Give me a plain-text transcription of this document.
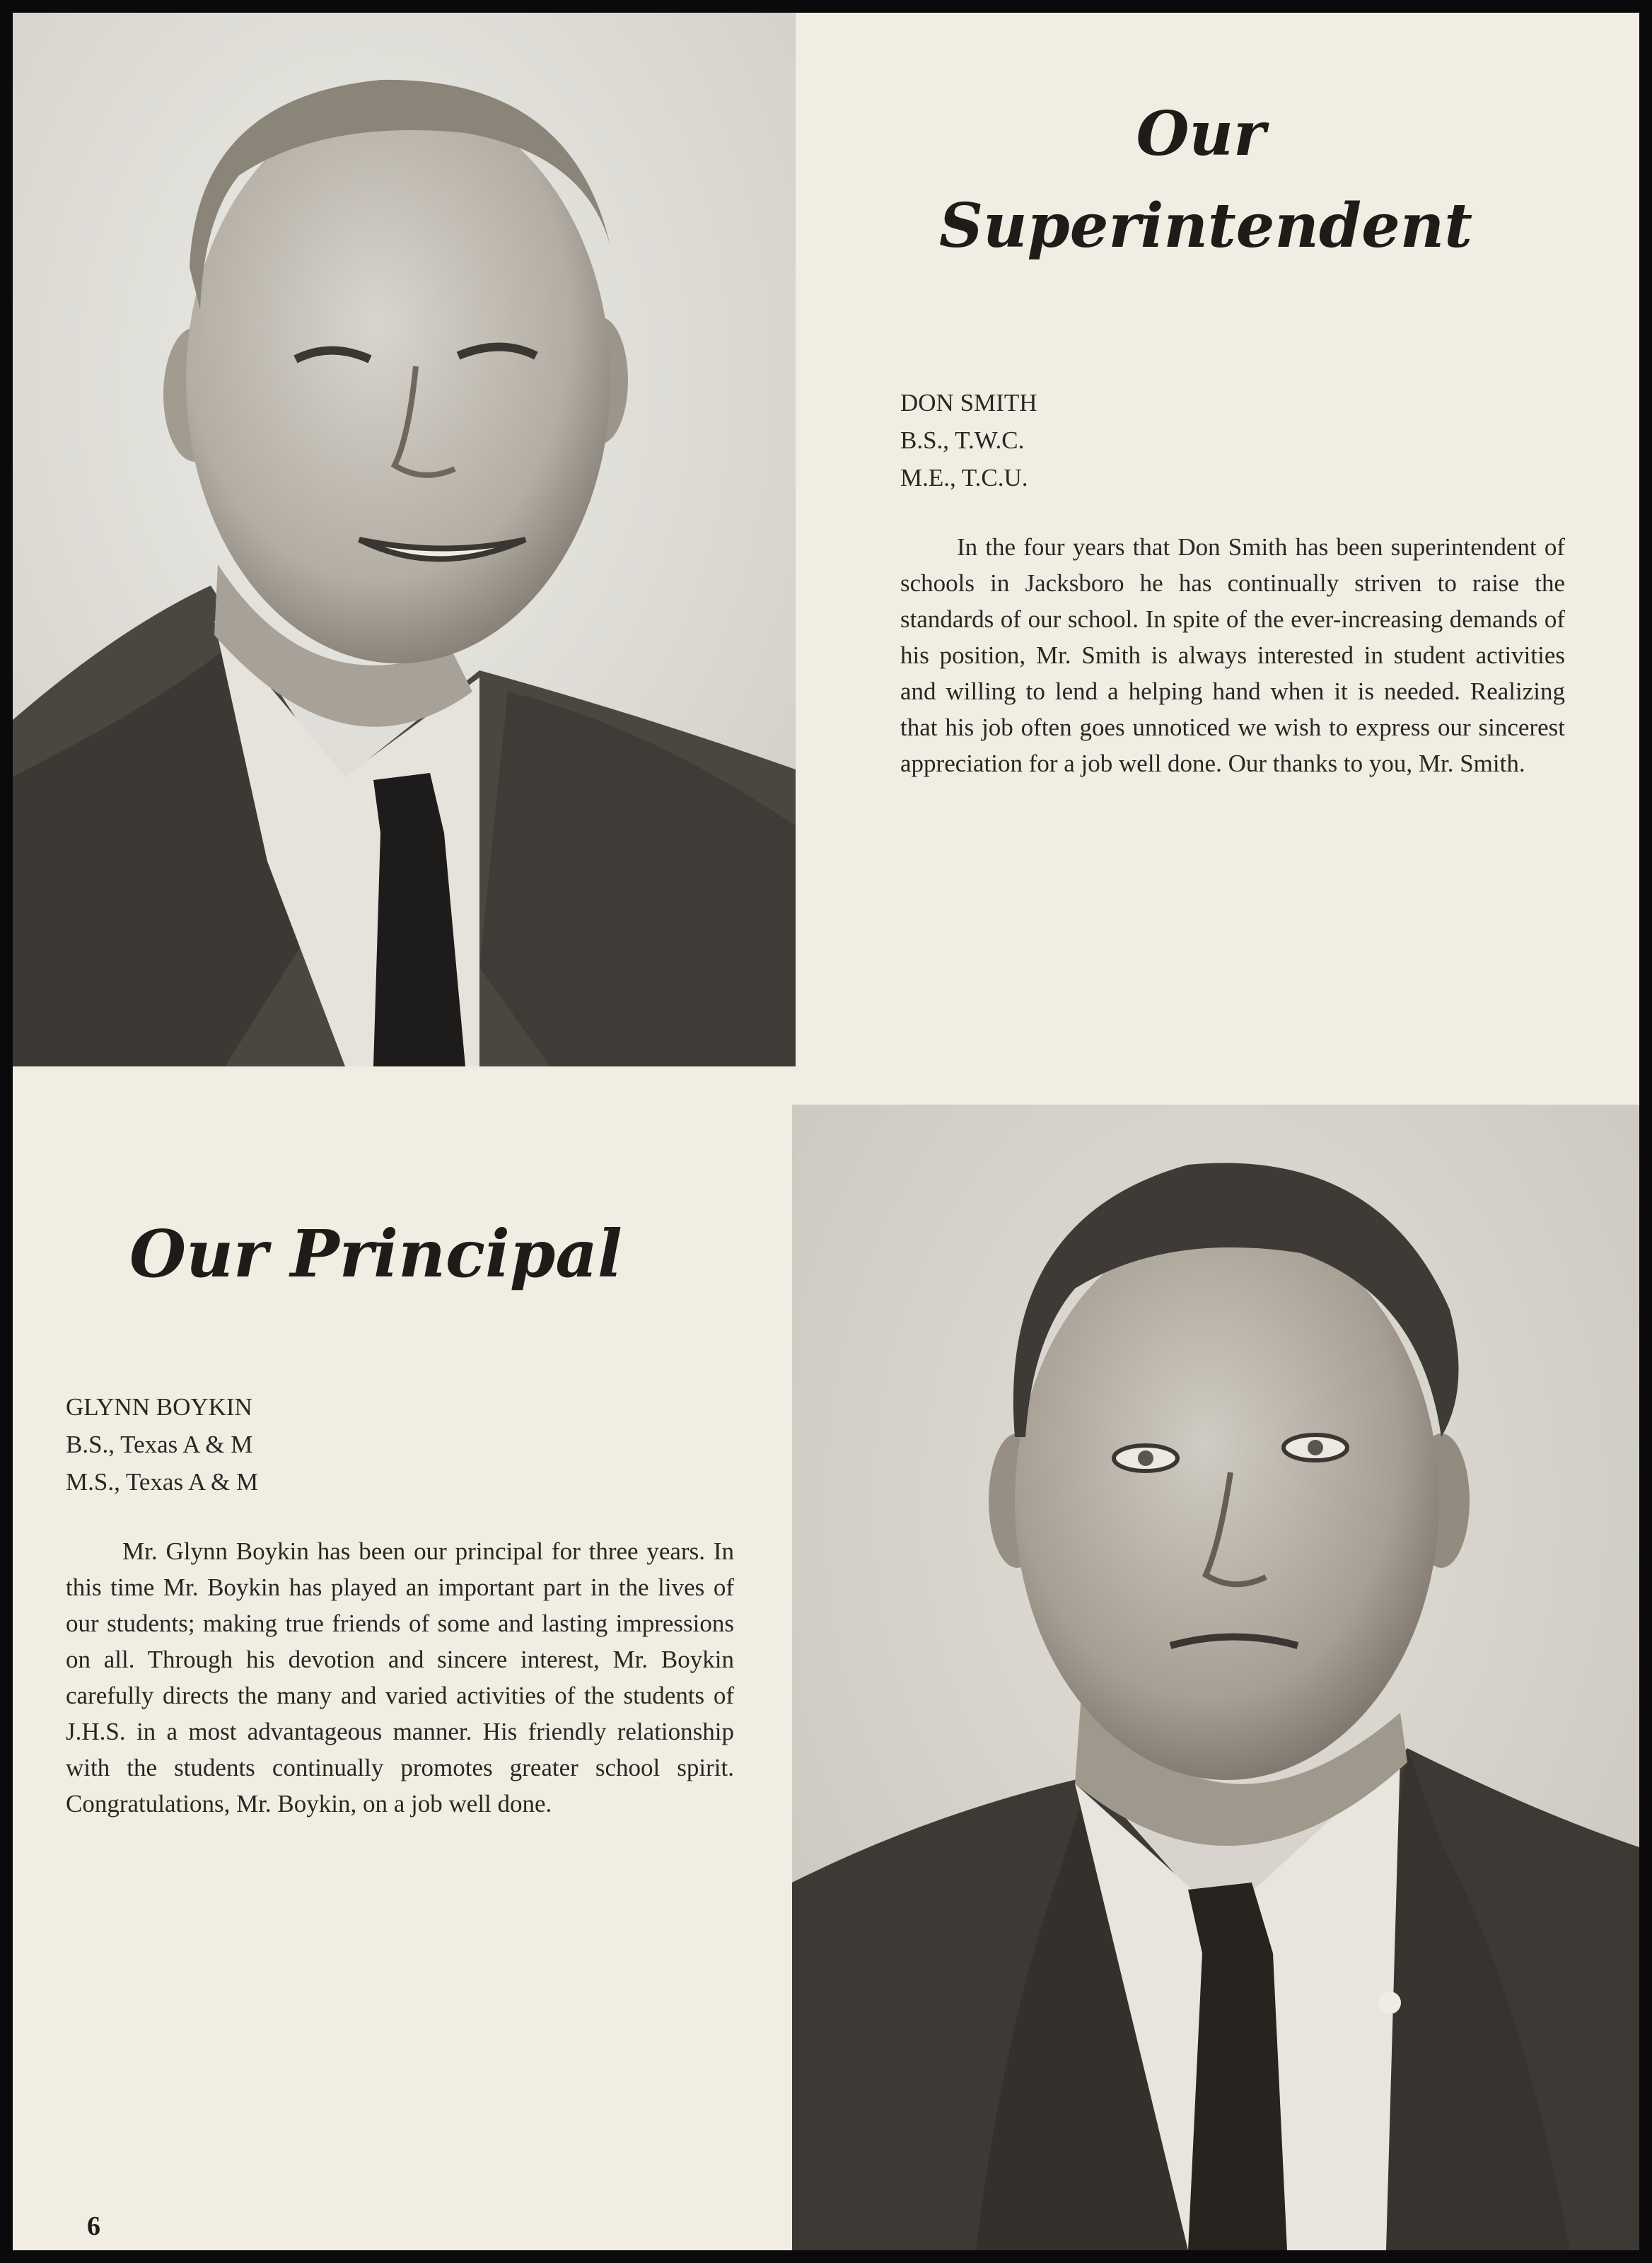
Our
Superintendent
DON SMITH
B.S., T.W.C.
M.E., T.C.U.

In the four years that Don Smith has been superintendent of schools in Jacksboro he has continually striven to raise the standards of our school. In spite of the ever-increasing demands of his position, Mr. Smith is always interested in student activities and willing to lend a helping hand when it is needed. Realizing that his job often goes unnoticed we wish to express our sincerest appreciation for a job well done. Our thanks to you, Mr. Smith.

Our Principal
GLYNN BOYKIN
B.S., Texas A & M
M.S., Texas A & M

Mr. Glynn Boykin has been our principal for three years. In this time Mr. Boykin has played an important part in the lives of our students; making true friends of some and lasting impressions on all. Through his devotion and sincere interest, Mr. Boykin carefully directs the many and varied activities of the students of J.H.S. in a most advantageous manner. His friendly relationship with the students continually promotes greater school spirit. Congratulations, Mr. Boykin, on a job well done.

6
